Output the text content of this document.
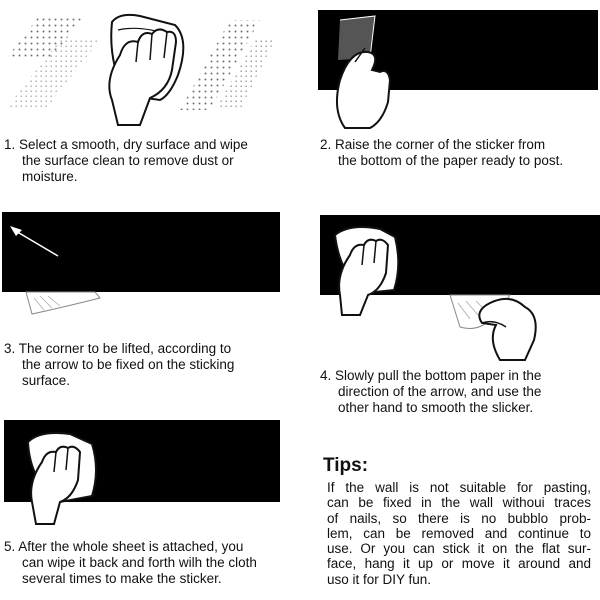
1. Select a smooth, dry surface and wipe
the surface clean to remove dust or
moisture.
2. Raise the corner of the sticker from
the bottom of the paper ready to post.
3. The corner to be lifted, according to
the arrow to be fixed on the sticking
surface.	4. Slowly pull the bottom paper in the
direction of the arrow, and use the
other hand to smooth the slicker.
5. After the whole sheet is attached, you
can wipe it back and forth wilh the cloth
several times to make the sticker.
Tips:
If the wall is not suitable for pasting,
can be fixed in the wall withoui traces
of nails, so there is no bubblo prob-
lem, can be removed and continue to
use. Or you can stick it on the flat sur-
face, hang it up or move it around and
uso it for DIY fun.
